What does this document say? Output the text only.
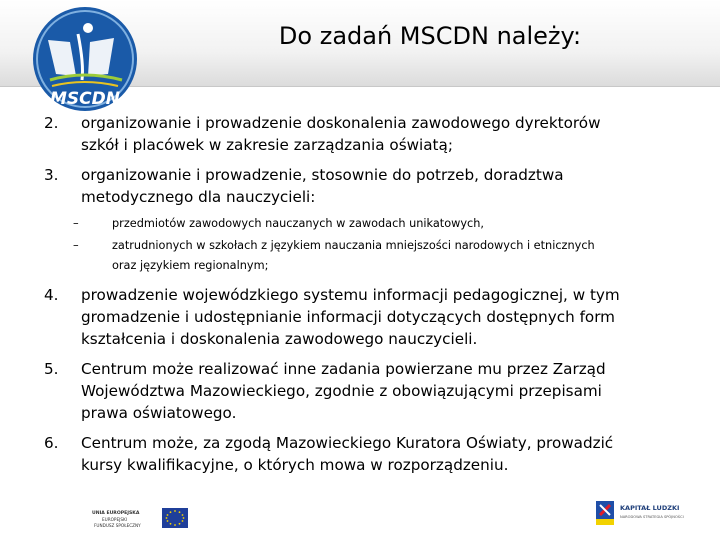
MSCDN
Do zadań MSCDN należy:
2.	organizowanie i prowadzenie doskonalenia zawodowego dyrektorów
szkół i placówek w zakresie zarządzania oświatą;
3.	organizowanie i prowadzenie, stosownie do potrzeb, doradztwa
metodycznego dla nauczycieli:
–	przedmiotów zawodowych nauczanych w zawodach unikatowych,
–	zatrudnionych w szkołach z językiem nauczania mniejszości narodowych i etnicznych
oraz językiem regionalnym;
4.	prowadzenie wojewódzkiego systemu informacji pedagogicznej, w tym
gromadzenie i udostępnianie informacji dotyczących dostępnych form
kształcenia i doskonalenia zawodowego nauczycieli.
5.	Centrum może realizować inne zadania powierzane mu przez Zarząd
Województwa Mazowieckiego, zgodnie z obowiązującymi przepisami
prawa oświatowego.
6.	Centrum może, za zgodą Mazowieckiego Kuratora Oświaty, prowadzić
kursy kwalifikacyjne, o których mowa w rozporządzeniu.
UNIA EUROPEJSKA
EUROPEJSKI
FUNDUSZ SPOŁECZNY
KAPITAŁ LUDZKI
NARODOWA STRATEGIA SPÓJNOŚCI
